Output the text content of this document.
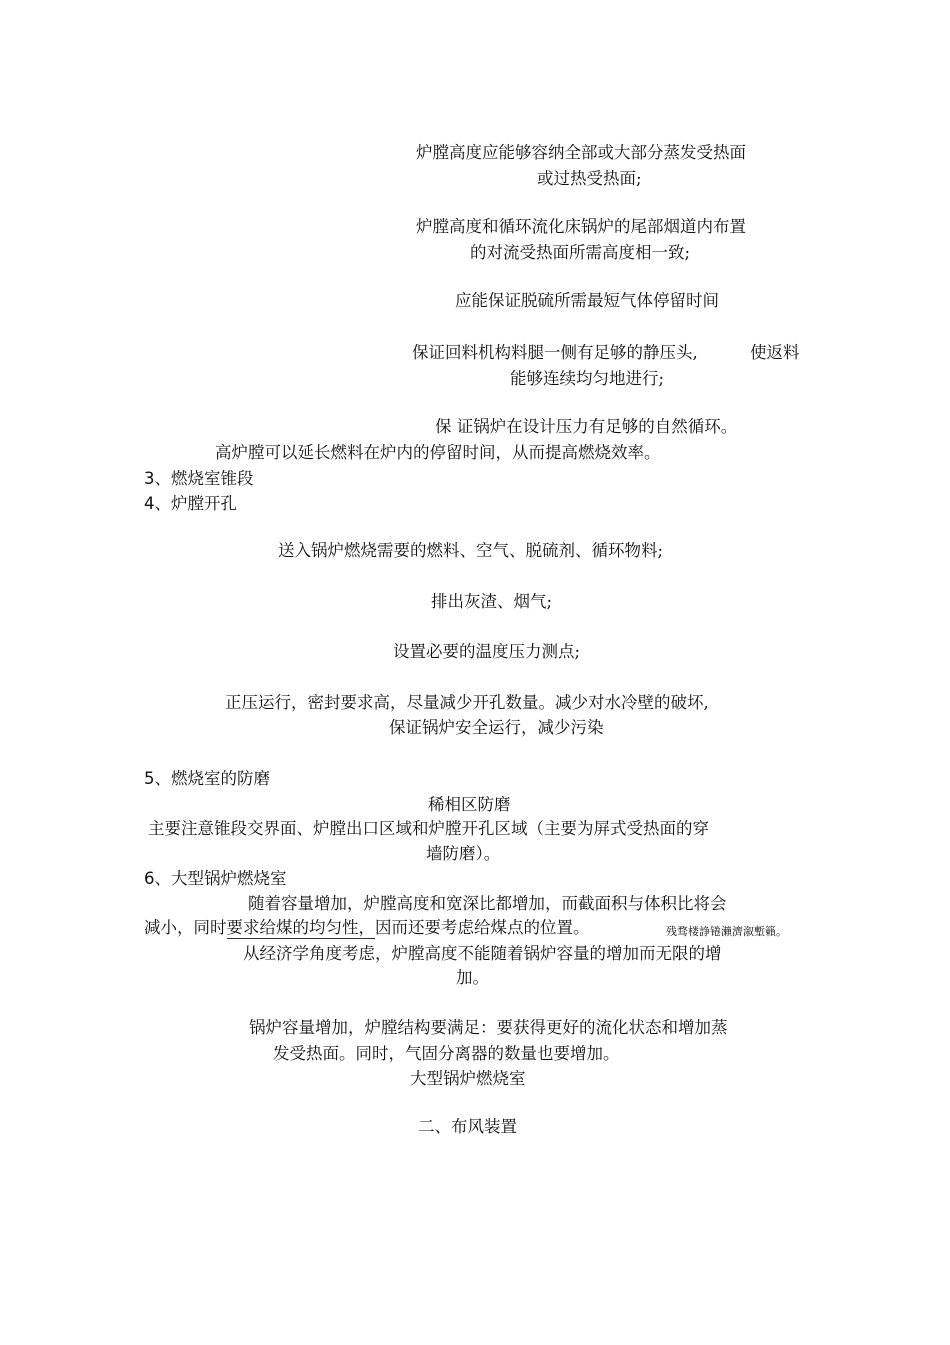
炉膛高度应能够容纳全部或大部分蒸发受热面
或过热受热面;
炉膛高度和循环流化床锅炉的尾部烟道内布置
的对流受热面所需高度相一致;
应能保证脱硫所需最短气体停留时间
保证回料机构料腿一侧有足够的静压头,	使返料
能够连续均匀地进行;
保 证锅炉在设计压力有足够的自然循环。
高炉膛可以延长燃料在炉内的停留时间，从而提高燃烧效率。
3、燃烧室锥段
4、炉膛开孔
送入锅炉燃烧需要的燃料、空气、脱硫剂、循环物料;
排出灰渣、烟气;
设置必要的温度压力测点;
正压运行，密封要求高，尽量减少开孔数量。减少对水冷壁的破坏,
保证锅炉安全运行，减少污染
5、燃烧室的防磨
稀相区防磨
主要注意锥段交界面、炉膛出口区域和炉膛开孔区域（主要为屏式受热面的穿
墙防磨）。
6、大型锅炉燃烧室
随着容量增加，炉膛高度和宽深比都增加，而截面积与体积比将会
减小，同时要求给煤的均匀性，因而还要考虑给煤点的位置。	残骛楼諍锩瀨濟溆塹籟。
从经济学角度考虑，炉膛高度不能随着锅炉容量的增加而无限的增
加。
锅炉容量增加，炉膛结构要满足：要获得更好的流化状态和增加蒸
发受热面。同时，气固分离器的数量也要增加。
大型锅炉燃烧室
二、布风装置
